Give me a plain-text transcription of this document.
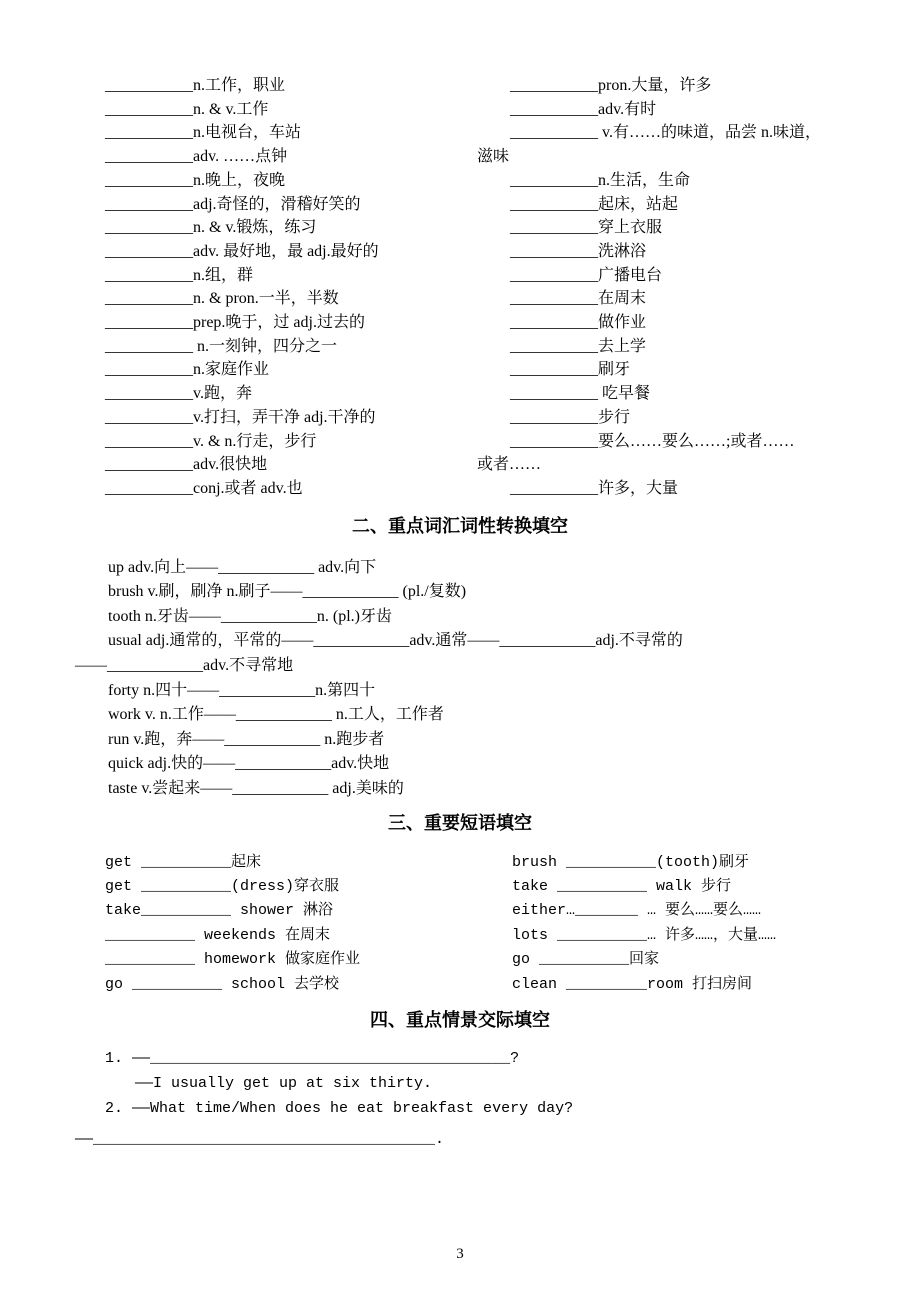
___________n.工作，职业
___________n. & v.工作
___________n.电视台，车站
___________adv. ……点钟
___________n.晚上，夜晚
___________adj.奇怪的，滑稽好笑的
___________n. & v.锻炼，练习
___________adv. 最好地，最 adj.最好的
___________n.组，群
___________n. & pron.一半，半数
___________prep.晚于，过 adj.过去的
___________ n.一刻钟，四分之一
___________n.家庭作业
___________v.跑，奔
___________v.打扫，弄干净 adj.干净的
___________v. & n.行走，步行
___________adv.很快地
___________conj.或者 adv.也
___________pron.大量，许多
___________adv.有时
___________ v.有……的味道，品尝 n.味道，
滋味
___________n.生活，生命
___________起床，站起
___________穿上衣服
___________洗淋浴
___________广播电台
___________在周末
___________做作业
___________去上学
___________刷牙
___________ 吃早餐
___________步行
___________要么……要么……;或者……
或者……
___________许多，大量
二、重点词汇词性转换填空
up adv.向上——____________ adv.向下
brush v.刷，刷净 n.刷子——____________ (pl./复数)
tooth n.牙齿——____________n. (pl.)牙齿
usual adj.通常的，平常的——____________adv.通常——____________adj.不寻常的
——____________adv.不寻常地
forty n.四十——____________n.第四十
work v. n.工作——____________ n.工人，工作者
run v.跑，奔——____________ n.跑步者
quick adj.快的——____________adv.快地
taste v.尝起来——____________ adj.美味的
三、重要短语填空
get __________起床
get __________(dress)穿衣服
take__________ shower 淋浴
__________ weekends 在周末
__________ homework 做家庭作业
go __________ school 去学校
brush __________(tooth)刷牙
take __________ walk 步行
either…_______ … 要么……要么……
lots __________… 许多……，大量……
go __________回家
clean _________room 打扫房间
四、重点情景交际填空
1. ——________________________________________?
——I usually get up at six thirty.
2. ——What time/When does he eat breakfast every day?
——______________________________________.
3
